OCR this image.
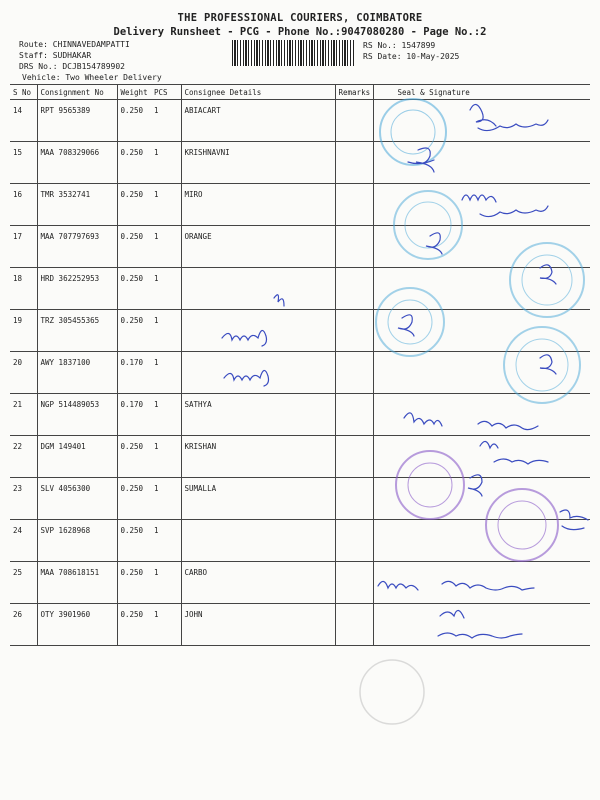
THE PROFESSIONAL COURIERS, COIMBATORE
Delivery Runsheet - PCG - Phone No.:9047080280 - Page No.:2
Route: CHINNAVEDAMPATTI
Staff: SUDHAKAR
DRS No.: DCJB154789902
Vehicle: Two Wheeler Delivery
RS No.: 1547899
RS Date: 10-May-2025
S No	Consignment No	Weight	PCS	Consignee Details	Remarks	Seal & Signature
14	RPT 9565389	0.250	1	ABIACART		
15	MAA 708329066	0.250	1	KRISHNAVNI		
16	TMR 3532741	0.250	1	MIRO		
17	MAA 707797693	0.250	1	ORANGE		
18	HRD 362252953	0.250	1			
19	TRZ 305455365	0.250	1			
20	AWY 1837100	0.170	1			
21	NGP 514489053	0.170	1	SATHYA		
22	DGM 149401	0.250	1	KRISHAN		
23	SLV 4056300	0.250	1	SUMALLA		
24	SVP 1628968	0.250	1			
25	MAA 708618151	0.250	1	CARBO		
26	OTY 3901960	0.250	1	JOHN		
